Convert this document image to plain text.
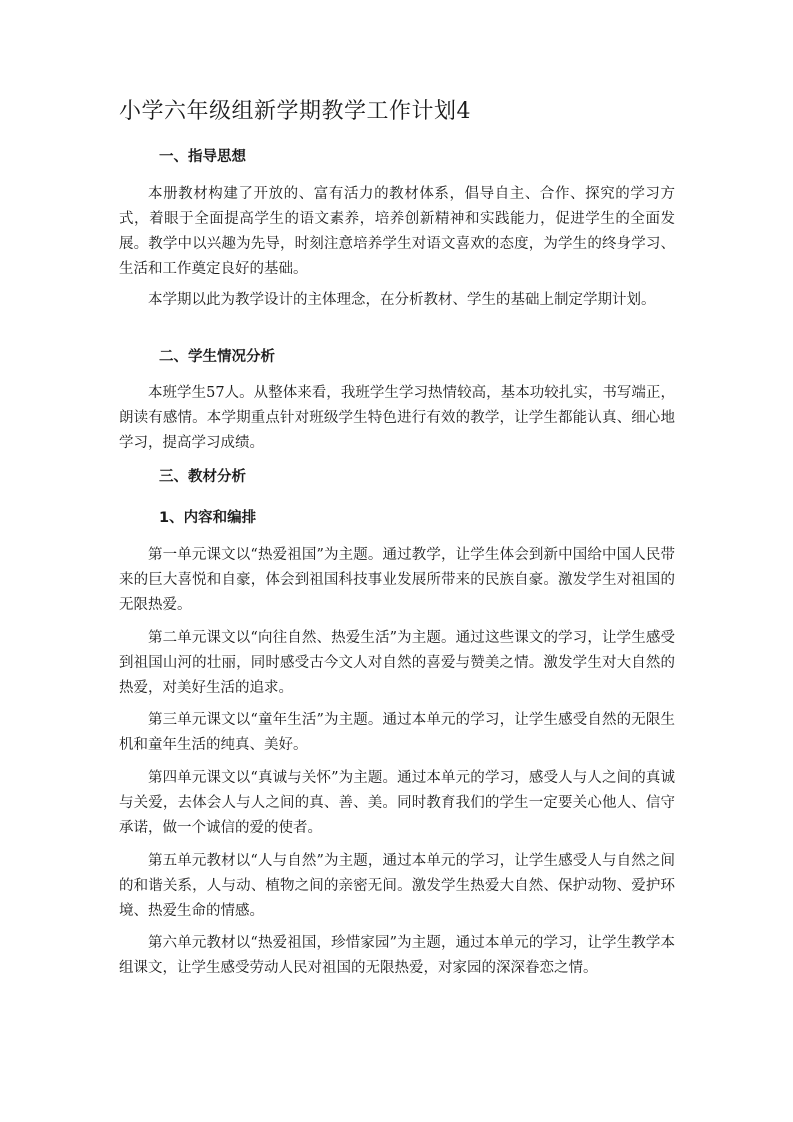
小学六年级组新学期教学工作计划4
一、指导思想
本册教材构建了开放的、富有活力的教材体系，倡导自主、合作、探究的学习方式，着眼于全面提高学生的语文素养，培养创新精神和实践能力，促进学生的全面发展。教学中以兴趣为先导，时刻注意培养学生对语文喜欢的态度，为学生的终身学习、生活和工作奠定良好的基础。
本学期以此为教学设计的主体理念，在分析教材、学生的基础上制定学期计划。
二、学生情况分析
本班学生57人。从整体来看，我班学生学习热情较高，基本功较扎实，书写端正，朗读有感情。本学期重点针对班级学生特色进行有效的教学，让学生都能认真、细心地学习，提高学习成绩。
三、教材分析
1、内容和编排
第一单元课文以“热爱祖国”为主题。通过教学，让学生体会到新中国给中国人民带来的巨大喜悦和自豪，体会到祖国科技事业发展所带来的民族自豪。激发学生对祖国的无限热爱。
第二单元课文以“向往自然、热爱生活”为主题。通过这些课文的学习，让学生感受到祖国山河的壮丽，同时感受古今文人对自然的喜爱与赞美之情。激发学生对大自然的热爱，对美好生活的追求。
第三单元课文以“童年生活”为主题。通过本单元的学习，让学生感受自然的无限生机和童年生活的纯真、美好。
第四单元课文以“真诚与关怀”为主题。通过本单元的学习，感受人与人之间的真诚与关爱，去体会人与人之间的真、善、美。同时教育我们的学生一定要关心他人、信守承诺，做一个诚信的爱的使者。
第五单元教材以“人与自然”为主题，通过本单元的学习，让学生感受人与自然之间的和谐关系，人与动、植物之间的亲密无间。激发学生热爱大自然、保护动物、爱护环境、热爱生命的情感。
第六单元教材以“热爱祖国，珍惜家园”为主题，通过本单元的学习，让学生教学本组课文，让学生感受劳动人民对祖国的无限热爱，对家园的深深眷恋之情。
